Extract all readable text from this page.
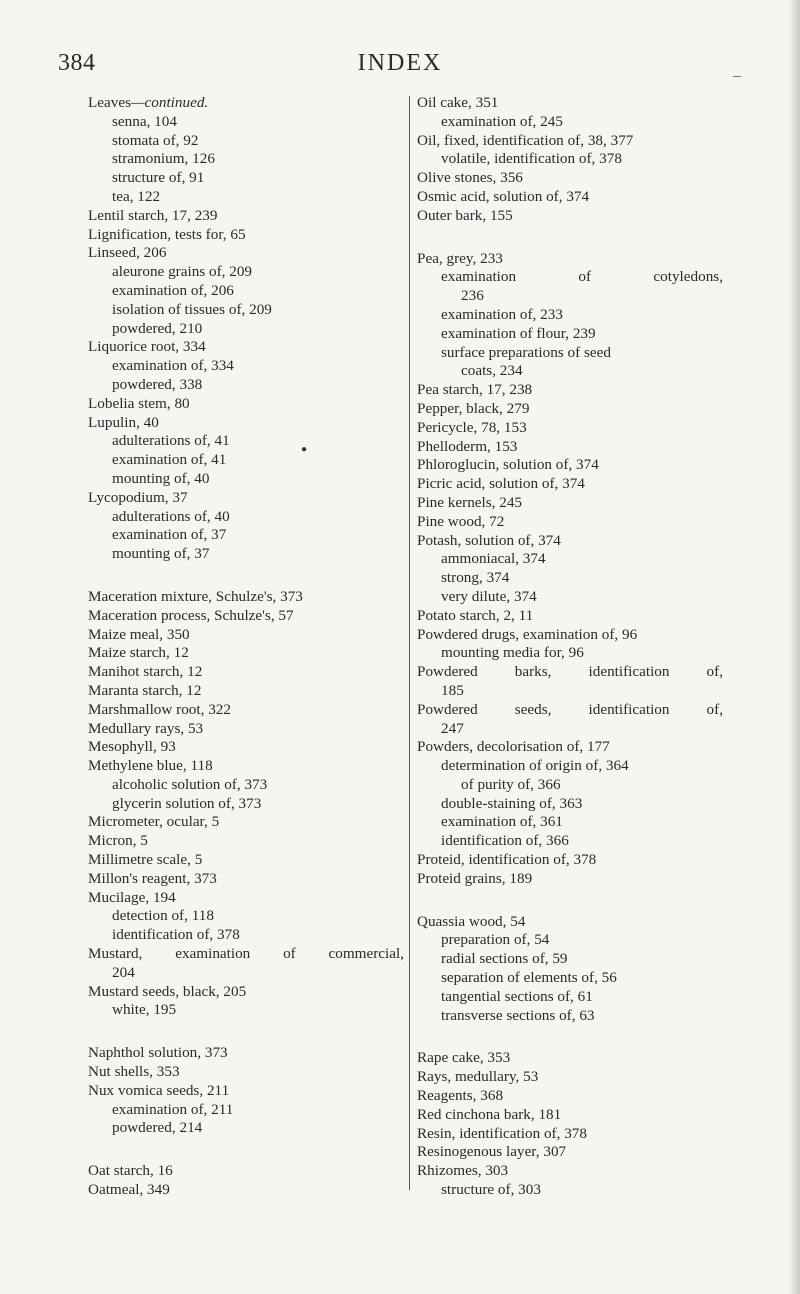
384	INDEX
●

Leaves—continued.

senna, 104

stomata of, 92

stramonium, 126

structure of, 91

tea, 122

Lentil starch, 17, 239

Lignification, tests for, 65

Linseed, 206

aleurone grains of, 209

examination of, 206

isolation of tissues of, 209

powdered, 210

Liquorice root, 334

examination of, 334

powdered, 338

Lobelia stem, 80

Lupulin, 40

adulterations of, 41

examination of, 41

mounting of, 40

Lycopodium, 37

adulterations of, 40

examination of, 37

mounting of, 37

Maceration mixture, Schulze's, 373

Maceration process, Schulze's, 57

Maize meal, 350

Maize starch, 12

Manihot starch, 12

Maranta starch, 12

Marshmallow root, 322

Medullary rays, 53

Mesophyll, 93

Methylene blue, 118

alcoholic solution of, 373

glycerin solution of, 373

Micrometer, ocular, 5

Micron, 5

Millimetre scale, 5

Millon's reagent, 373

Mucilage, 194

detection of, 118

identification of, 378

Mustard, examination of commercial,

204

Mustard seeds, black, 205

white, 195

Naphthol solution, 373

Nut shells, 353

Nux vomica seeds, 211

examination of, 211

powdered, 214

Oat starch, 16

Oatmeal, 349

Oil cake, 351

examination of, 245

Oil, fixed, identification of, 38, 377

volatile, identification of, 378

Olive stones, 356

Osmic acid, solution of, 374

Outer bark, 155

Pea, grey, 233

examination of cotyledons,

236

examination of, 233

examination of flour, 239

surface preparations of seed

coats, 234

Pea starch, 17, 238

Pepper, black, 279

Pericycle, 78, 153

Phelloderm, 153

Phloroglucin, solution of, 374

Picric acid, solution of, 374

Pine kernels, 245

Pine wood, 72

Potash, solution of, 374

ammoniacal, 374

strong, 374

very dilute, 374

Potato starch, 2, 11

Powdered drugs, examination of, 96

mounting media for, 96

Powdered barks, identification of,

185

Powdered seeds, identification of,

247

Powders, decolorisation of, 177

determination of origin of, 364

of purity of, 366

double-staining of, 363

examination of, 361

identification of, 366

Proteid, identification of, 378

Proteid grains, 189

Quassia wood, 54

preparation of, 54

radial sections of, 59

separation of elements of, 56

tangential sections of, 61

transverse sections of, 63

Rape cake, 353

Rays, medullary, 53

Reagents, 368

Red cinchona bark, 181

Resin, identification of, 378

Resinogenous layer, 307

Rhizomes, 303

structure of, 303
